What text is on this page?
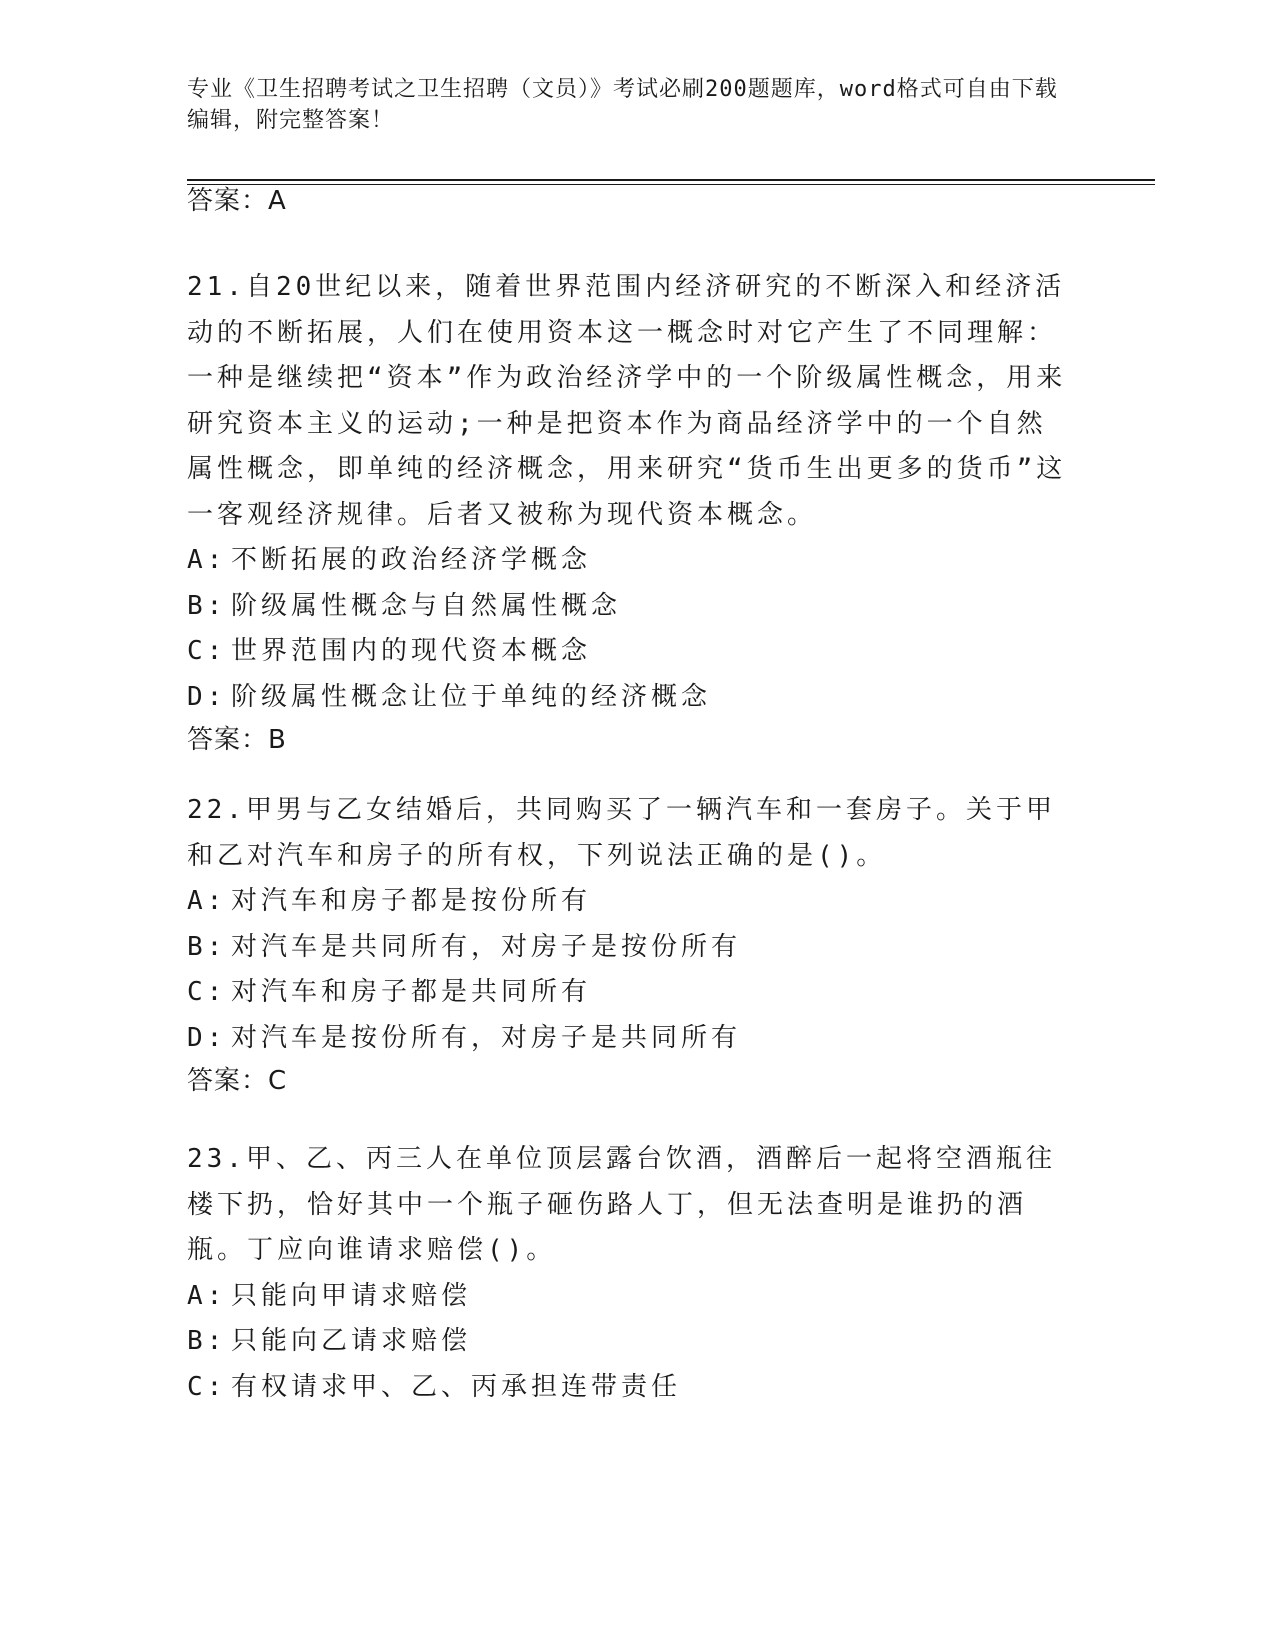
专业《卫生招聘考试之卫生招聘（文员）》考试必刷200题题库，word格式可自由下载编辑，附完整答案！
答案：A
21.自20世纪以来，随着世界范围内经济研究的不断深入和经济活动的不断拓展，人们在使用资本这一概念时对它产生了不同理解：一种是继续把“资本”作为政治经济学中的一个阶级属性概念，用来研究资本主义的运动;一种是把资本作为商品经济学中的一个自然属性概念，即单纯的经济概念，用来研究“货币生出更多的货币”这一客观经济规律。后者又被称为现代资本概念。
A: 不断拓展的政治经济学概念
B: 阶级属性概念与自然属性概念
C: 世界范围内的现代资本概念
D: 阶级属性概念让位于单纯的经济概念
答案：B
22.甲男与乙女结婚后，共同购买了一辆汽车和一套房子。关于甲和乙对汽车和房子的所有权，下列说法正确的是()。
A: 对汽车和房子都是按份所有
B: 对汽车是共同所有，对房子是按份所有
C: 对汽车和房子都是共同所有
D: 对汽车是按份所有，对房子是共同所有
答案：C
23.甲、乙、丙三人在单位顶层露台饮酒，酒醉后一起将空酒瓶往楼下扔，恰好其中一个瓶子砸伤路人丁，但无法查明是谁扔的酒瓶。丁应向谁请求赔偿()。
A: 只能向甲请求赔偿
B: 只能向乙请求赔偿
C: 有权请求甲、乙、丙承担连带责任
